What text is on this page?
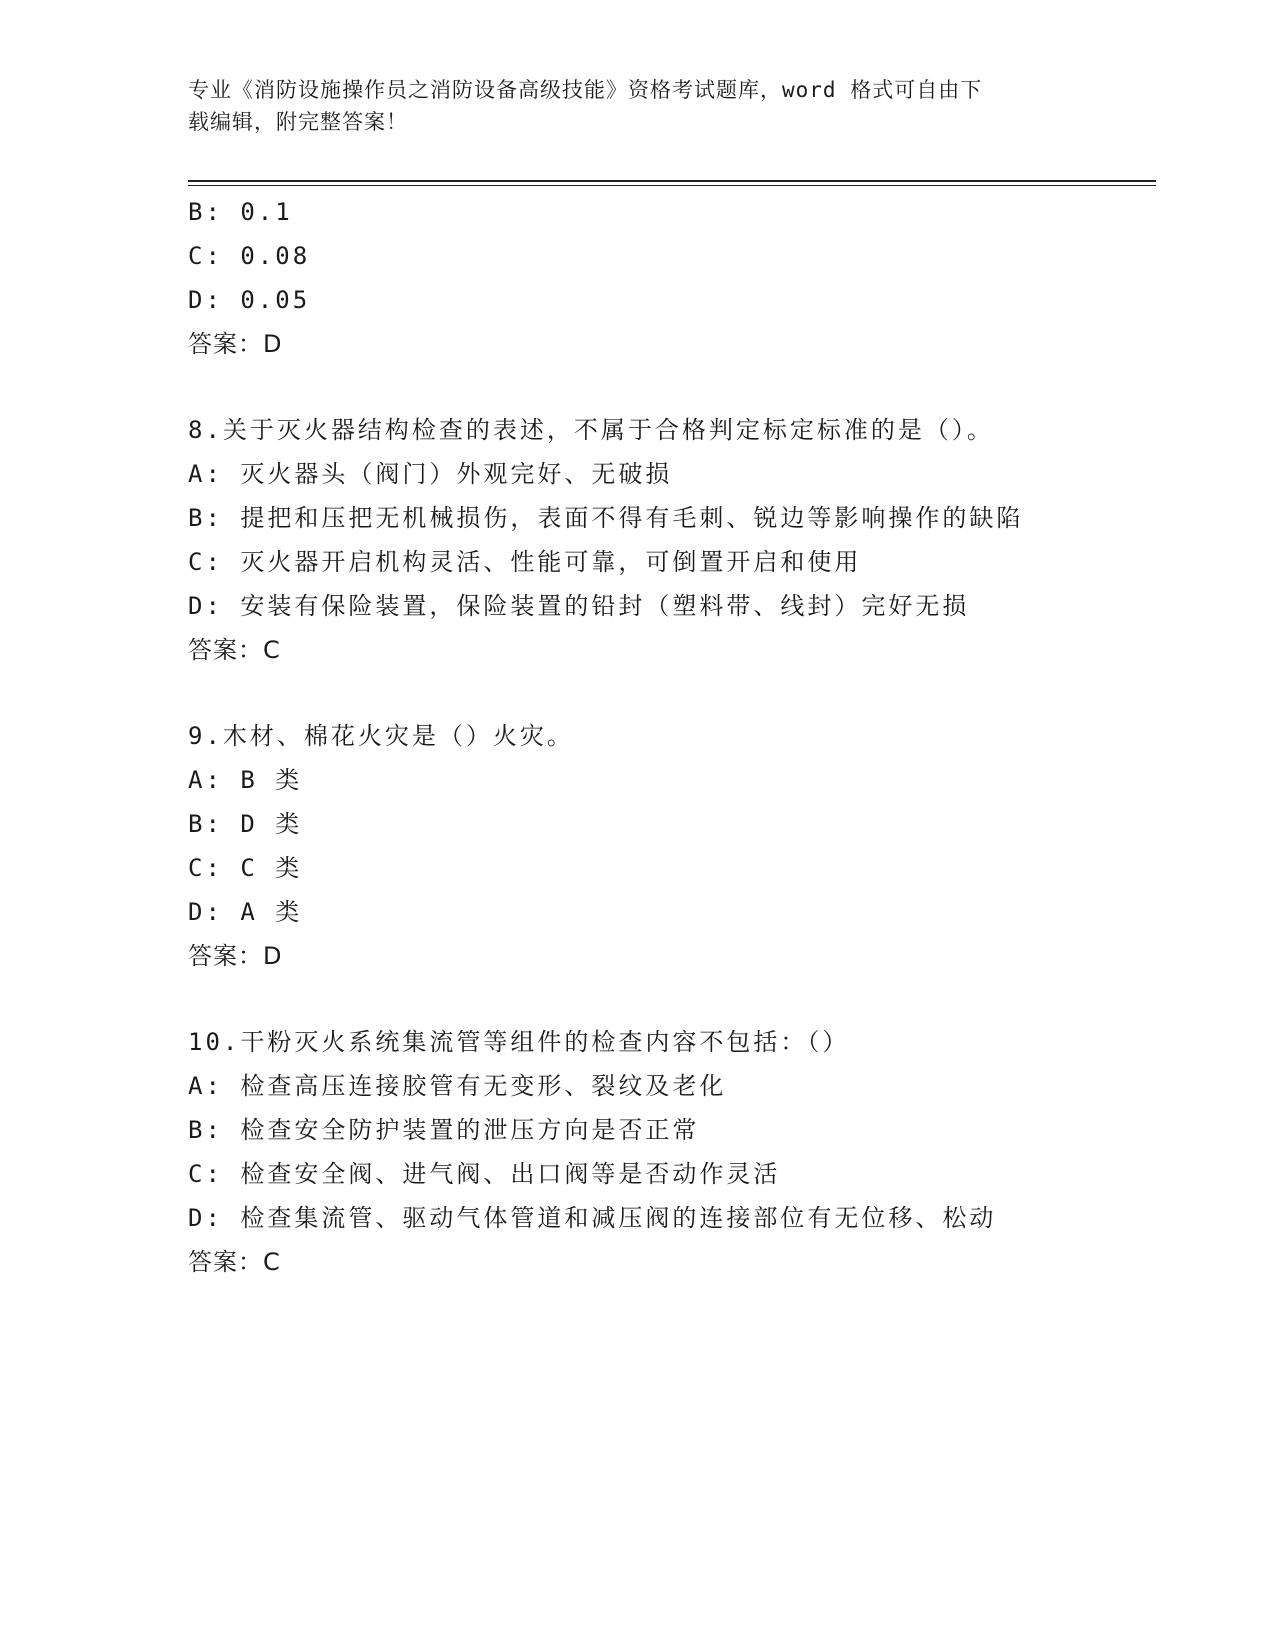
专业《消防设施操作员之消防设备高级技能》资格考试题库，word 格式可自由下
载编辑，附完整答案！
B: 0.1
C: 0.08
D: 0.05
答案：D
8.关于灭火器结构检查的表述，不属于合格判定标定标准的是（）。
A: 灭火器头（阀门）外观完好、无破损
B: 提把和压把无机械损伤，表面不得有毛刺、锐边等影响操作的缺陷
C: 灭火器开启机构灵活、性能可靠，可倒置开启和使用
D: 安装有保险装置，保险装置的铅封（塑料带、线封）完好无损
答案：C
9.木材、棉花火灾是（）火灾。
A: B 类
B: D 类
C: C 类
D: A 类
答案：D
10.干粉灭火系统集流管等组件的检查内容不包括：（）
A: 检查高压连接胶管有无变形、裂纹及老化
B: 检查安全防护装置的泄压方向是否正常
C: 检查安全阀、进气阀、出口阀等是否动作灵活
D: 检查集流管、驱动气体管道和减压阀的连接部位有无位移、松动
答案：C
